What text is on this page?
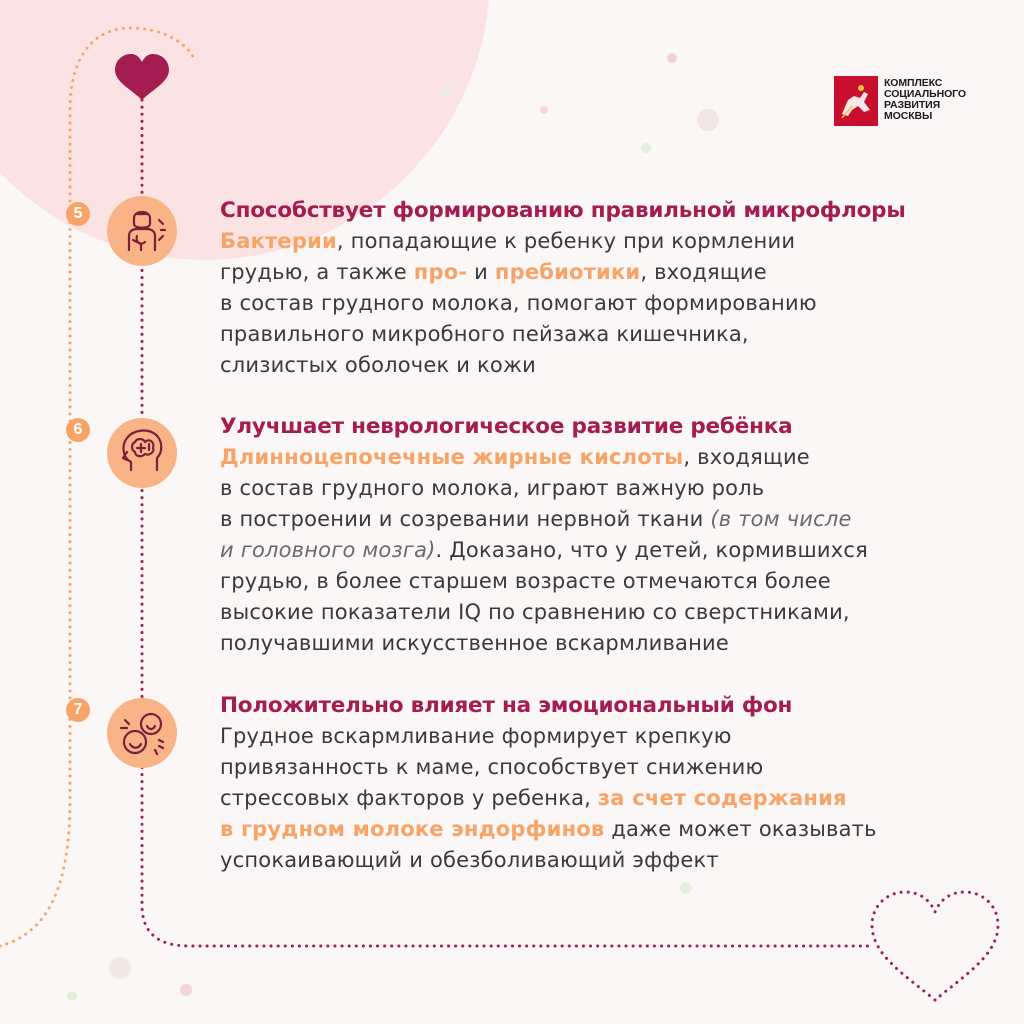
КОМПЛЕКС
СОЦИАЛЬНОГО
РАЗВИТИЯ
МОСКВЫ
5	Способствует формированию правильной микрофлоры

Бактерии, попадающие к ребенку при кормлении
грудью, а также про- и пребиотики, входящие
в состав грудного молока, помогают формированию
правильного микробного пейзажа кишечника,
слизистых оболочек и кожи

6	Улучшает неврологическое развитие ребёнка

Длинноцепочечные жирные кислоты, входящие
в состав грудного молока, играют важную роль
в построении и созревании нервной ткани (в том числе
и головного мозга). Доказано, что у детей, кормившихся
грудью, в более старшем возрасте отмечаются более
высокие показатели IQ по сравнению со сверстниками,
получавшими искусственное вскармливание

7	Положительно влияет на эмоциональный фон

Грудное вскармливание формирует крепкую
привязанность к маме, способствует снижению
стрессовых факторов у ребенка, за счет содержания
в грудном молоке эндорфинов даже может оказывать
успокаивающий и обезболивающий эффект
